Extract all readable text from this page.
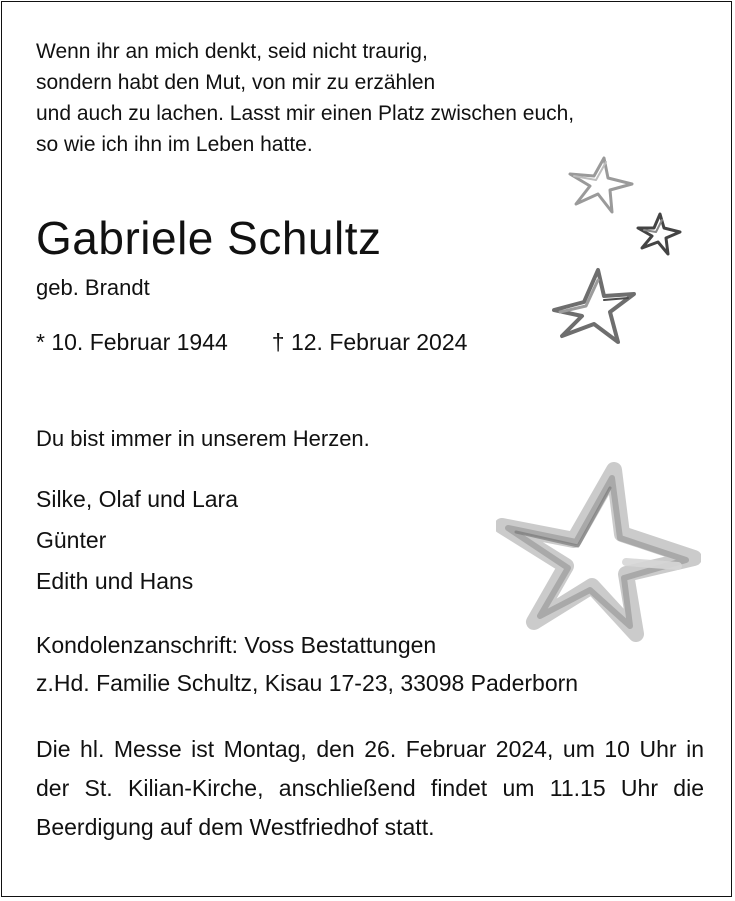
Wenn ihr an mich denkt, seid nicht traurig,
sondern habt den Mut, von mir zu erzählen
und auch zu lachen. Lasst mir einen Platz zwischen euch,
so wie ich ihn im Leben hatte.
Gabriele Schultz
geb. Brandt
* 10. Februar 1944 † 12. Februar 2024
Du bist immer in unserem Herzen.
Silke, Olaf und Lara
Günter
Edith und Hans
Kondolenzanschrift: Voss Bestattungen
z.Hd. Familie Schultz, Kisau 17-23, 33098 Paderborn
Die hl. Messe ist Montag, den 26. Februar 2024, um 10 Uhr in der St. Kilian-Kirche, anschließend findet um 11.15 Uhr die Beerdigung auf dem Westfriedhof statt.
